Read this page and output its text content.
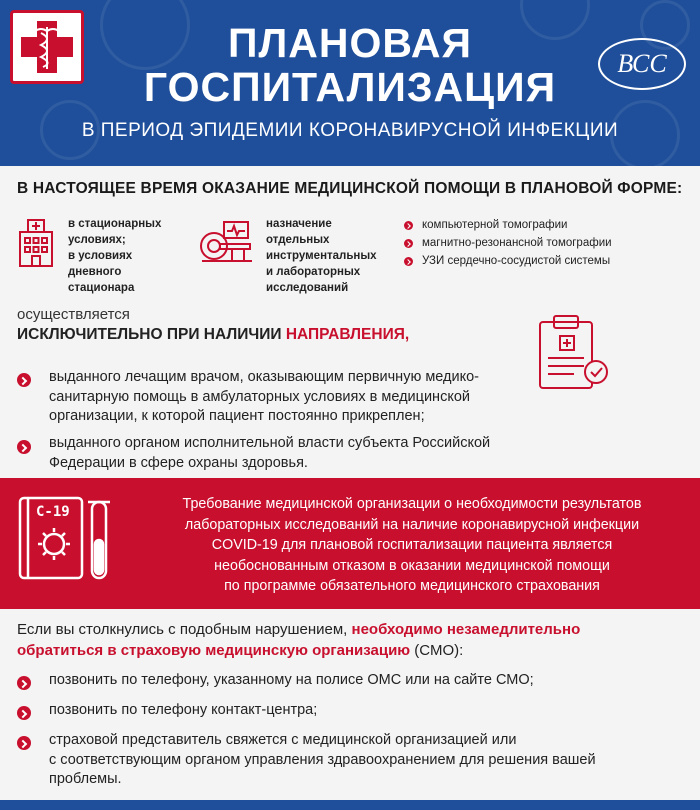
ВСС
ПЛАНОВАЯ
ГОСПИТАЛИЗАЦИЯ
В ПЕРИОД ЭПИДЕМИИ КОРОНАВИРУСНОЙ ИНФЕКЦИИ
В НАСТОЯЩЕЕ ВРЕМЯ ОКАЗАНИЕ МЕДИЦИНСКОЙ ПОМОЩИ В ПЛАНОВОЙ ФОРМЕ:
в стационарных
условиях;
в условиях
дневного
стационара
назначение
отдельных
инструментальных
и лабораторных
исследований
компьютерной томографии
магнитно-резонансной томографии
УЗИ сердечно-сосудистой системы
осуществляется
ИСКЛЮЧИТЕЛЬНО ПРИ НАЛИЧИИ НАПРАВЛЕНИЯ,
выданного лечащим врачом, оказывающим первичную медико-
санитарную помощь в амбулаторных условиях в медицинской
организации, к которой пациент постоянно прикреплен;
выданного органом исполнительной власти субъекта Российской
Федерации в сфере охраны здоровья.
C-19	Требование медицинской организации о необходимости результатов
лабораторных исследований на наличие коронавирусной инфекции
COVID-19 для плановой госпитализации пациента является
необоснованным отказом в оказании медицинской помощи
по программе обязательного медицинского страхования
Если вы столкнулись с подобным нарушением, необходимо незамедлительно
обратиться в страховую медицинскую организацию (СМО):
позвонить по телефону, указанному на полисе ОМС или на сайте СМО;
позвонить по телефону контакт-центра;
страховой представитель свяжется с медицинской организацией или
с соответствующим органом управления здравоохранением для решения вашей
проблемы.
